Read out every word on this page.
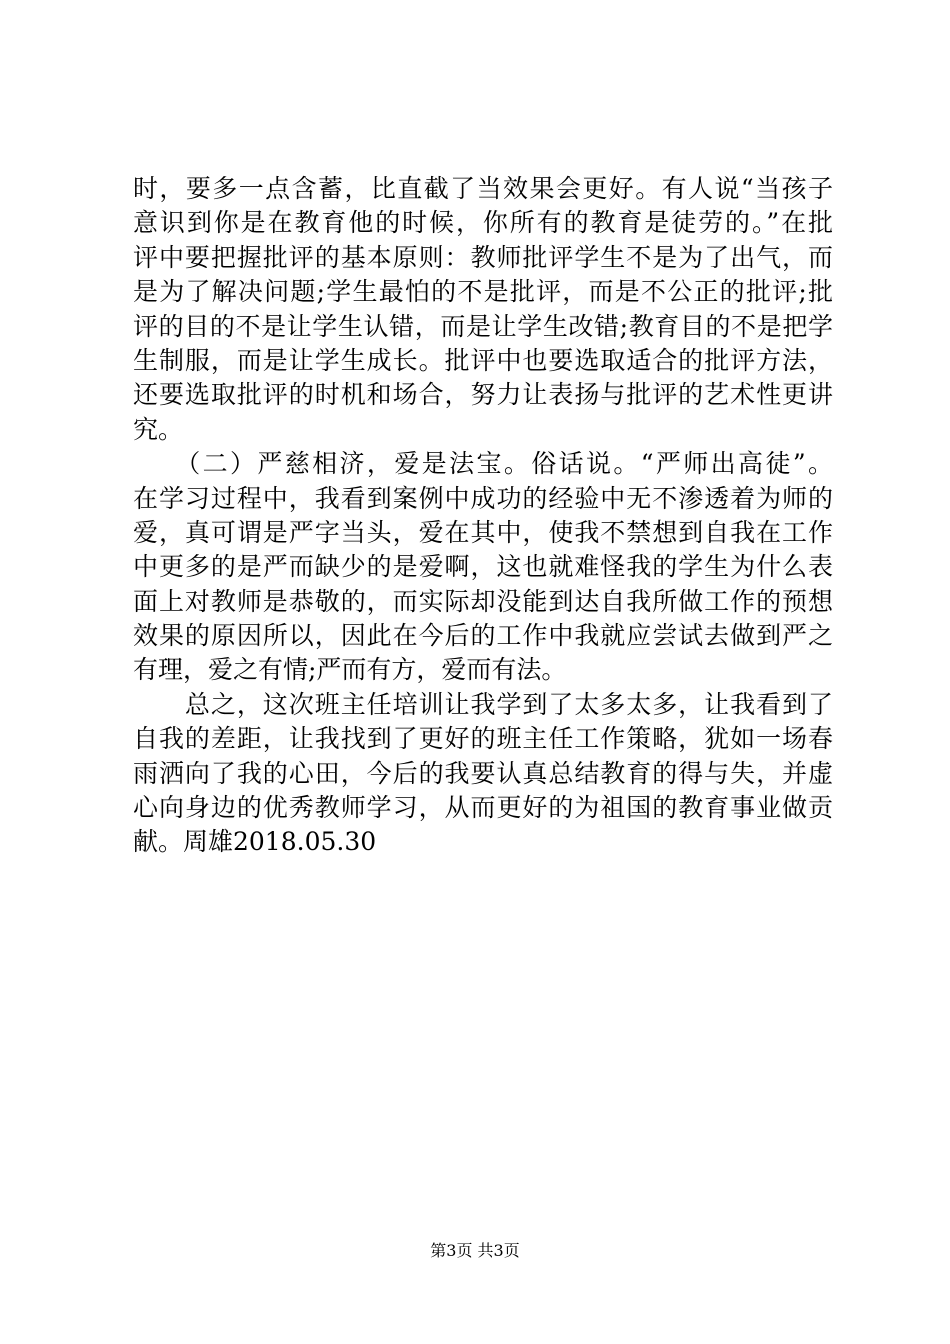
时，要多一点含蓄，比直截了当效果会更好。有人说“当孩子
意识到你是在教育他的时候，你所有的教育是徒劳的。”在批
评中要把握批评的基本原则：教师批评学生不是为了出气，而
是为了解决问题;学生最怕的不是批评，而是不公正的批评;批
评的目的不是让学生认错，而是让学生改错;教育目的不是把学
生制服，而是让学生成长。批评中也要选取适合的批评方法，
还要选取批评的时机和场合，努力让表扬与批评的艺术性更讲
究。
　　（二）严慈相济，爱是法宝。俗话说。“严师出高徒”。
在学习过程中，我看到案例中成功的经验中无不渗透着为师的
爱，真可谓是严字当头，爱在其中，使我不禁想到自我在工作
中更多的是严而缺少的是爱啊，这也就难怪我的学生为什么表
面上对教师是恭敬的，而实际却没能到达自我所做工作的预想
效果的原因所以，因此在今后的工作中我就应尝试去做到严之
有理，爱之有情;严而有方，爱而有法。
　　总之，这次班主任培训让我学到了太多太多，让我看到了
自我的差距，让我找到了更好的班主任工作策略，犹如一场春
雨洒向了我的心田，今后的我要认真总结教育的得与失，并虚
心向身边的优秀教师学习，从而更好的为祖国的教育事业做贡
献。周雄2018.05.30
第3页 共3页
